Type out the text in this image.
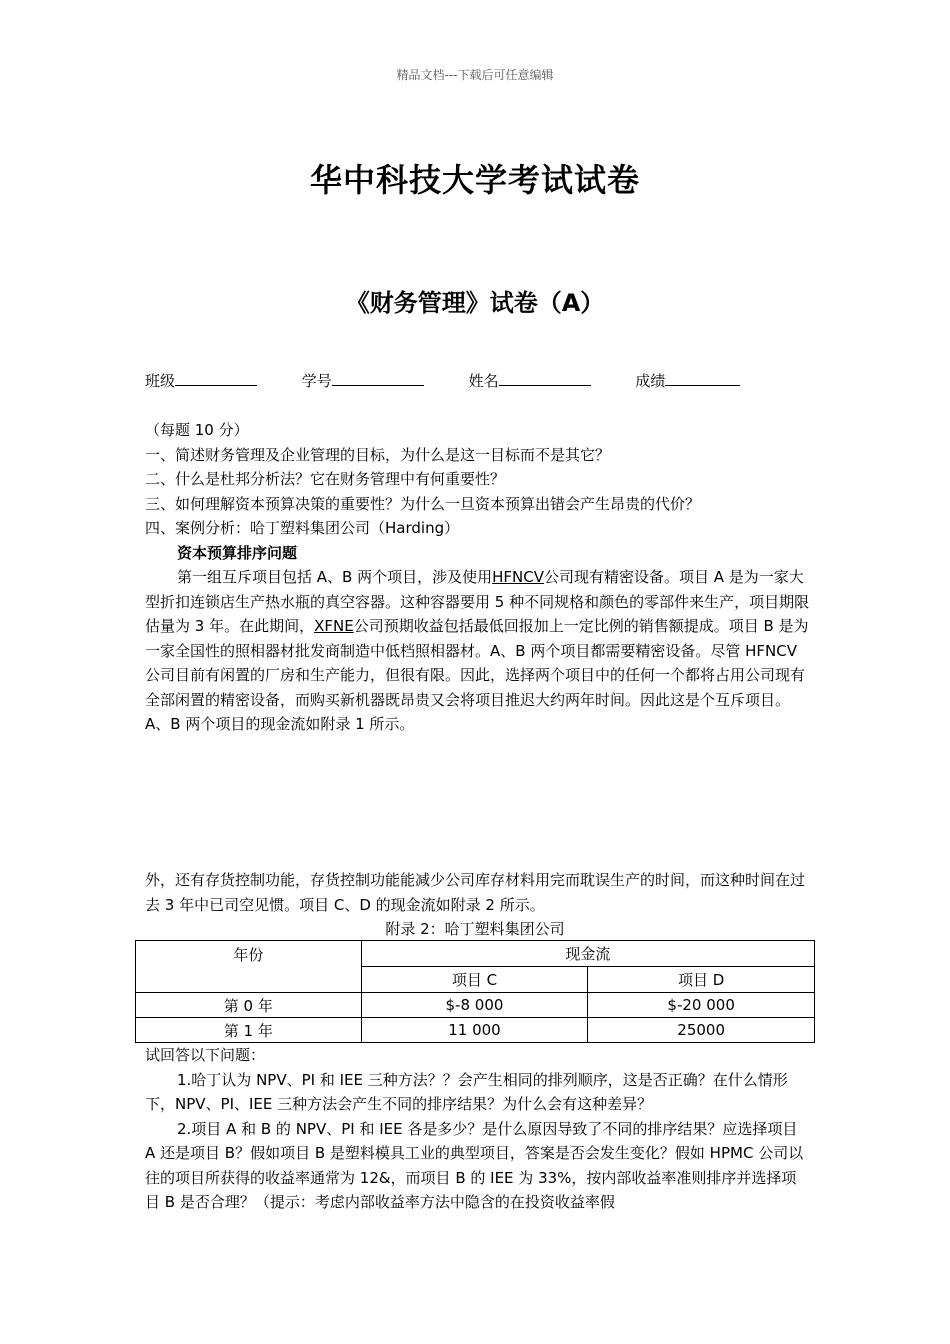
精品文档---下载后可任意编辑
华中科技大学考试试卷
《财务管理》试卷（A）
班级	学号	姓名	成绩

（每题 10 分）

一、简述财务管理及企业管理的目标，为什么是这一目标而不是其它？

二、什么是杜邦分析法？它在财务管理中有何重要性？

三、如何理解资本预算决策的重要性？为什么一旦资本预算出错会产生昂贵的代价？

四、案例分析：哈丁塑料集团公司（Harding）

资本预算排序问题

第一组互斥项目包括 A、B 两个项目，涉及使用HFNCV公司现有精密设备。项目 A 是为一家大型折扣连锁店生产热水瓶的真空容器。这种容器要用 5 种不同规格和颜色的零部件来生产，项目期限估量为 3 年。在此期间，XFNE公司预期收益包括最低回报加上一定比例的销售额提成。项目 B 是为一家全国性的照相器材批发商制造中低档照相器材。A、B 两个项目都需要精密设备。尽管 HFNCV 公司目前有闲置的厂房和生产能力，但很有限。因此，选择两个项目中的任何一个都将占用公司现有全部闲置的精密设备，而购买新机器既昂贵又会将项目推迟大约两年时间。因此这是个互斥项目。A、B 两个项目的现金流如附录 1 所示。

外，还有存货控制功能，存货控制功能能减少公司库存材料用完而耽误生产的时间，而这种时间在过去 3 年中已司空见惯。项目 C、D 的现金流如附录 2 所示。

附录 2：哈丁塑料集团公司
年份	现金流	
	项目 C	项目 D
第 0 年	$-8 000	$-20 000
第 1 年	11 000	25000

试回答以下问题：

1.哈丁认为 NPV、PI 和 IEE 三种方法？？会产生相同的排列顺序，这是否正确？在什么情形下，NPV、PI、IEE 三种方法会产生不同的排序结果？为什么会有这种差异？

2.项目 A 和 B 的 NPV、PI 和 IEE 各是多少？是什么原因导致了不同的排序结果？应选择项目 A 还是项目 B？假如项目 B 是塑料模具工业的典型项目，答案是否会发生变化？假如 HPMC 公司以往的项目所获得的收益率通常为 12&，而项目 B 的 IEE 为 33%，按内部收益率准则排序并选择项目 B 是否合理？（提示：考虑内部收益率方法中隐含的在投资收益率假
